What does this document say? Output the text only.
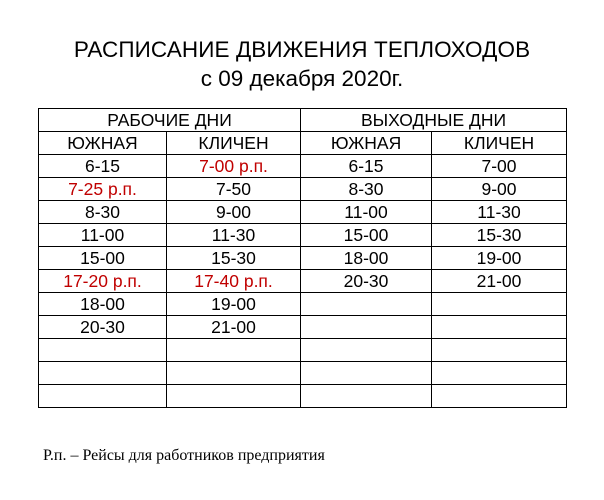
РАСПИСАНИЕ ДВИЖЕНИЯ ТЕПЛОХОДОВ
с 09 декабря 2020г.
РАБОЧИЕ ДНИ		ВЫХОДНЫЕ ДНИ	
ЮЖНАЯ	КЛИЧЕН	ЮЖНАЯ	КЛИЧЕН
6-15	7-00 р.п.	6-15	7-00
7-25 р.п.	7-50	8-30	9-00
8-30	9-00	11-00	11-30
11-00	11-30	15-00	15-30
15-00	15-30	18-00	19-00
17-20 р.п.	17-40 р.п.	20-30	21-00
18-00	19-00		
20-30	21-00		

Р.п. – Рейсы для работников предприятия
